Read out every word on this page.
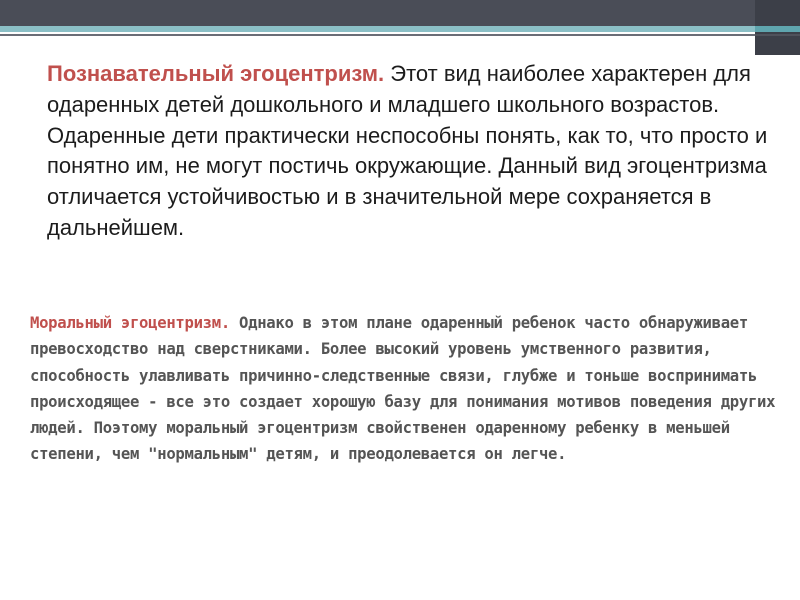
Познавательный эгоцентризм. Этот вид наиболее характерен для одаренных детей дошкольного и младшего школьного возрастов. Одаренные дети практически неспособны понять, как то, что просто и понятно им, не могут постичь окружающие. Данный вид эгоцентризма отличается устойчивостью и в значительной мере сохраняется в дальнейшем.

Моральный эгоцентризм. Однако в этом плане одаренный ребенок часто обнаруживает превосходство над сверстниками. Более высокий уровень умственного развития, способность улавливать причинно-следственные связи, глубже и тоньше воспринимать происходящее - все это создает хорошую базу для понимания мотивов поведения других людей. Поэтому моральный эгоцентризм свойственен одаренному ребенку в меньшей степени, чем "нормальным" детям, и преодолевается он легче.
